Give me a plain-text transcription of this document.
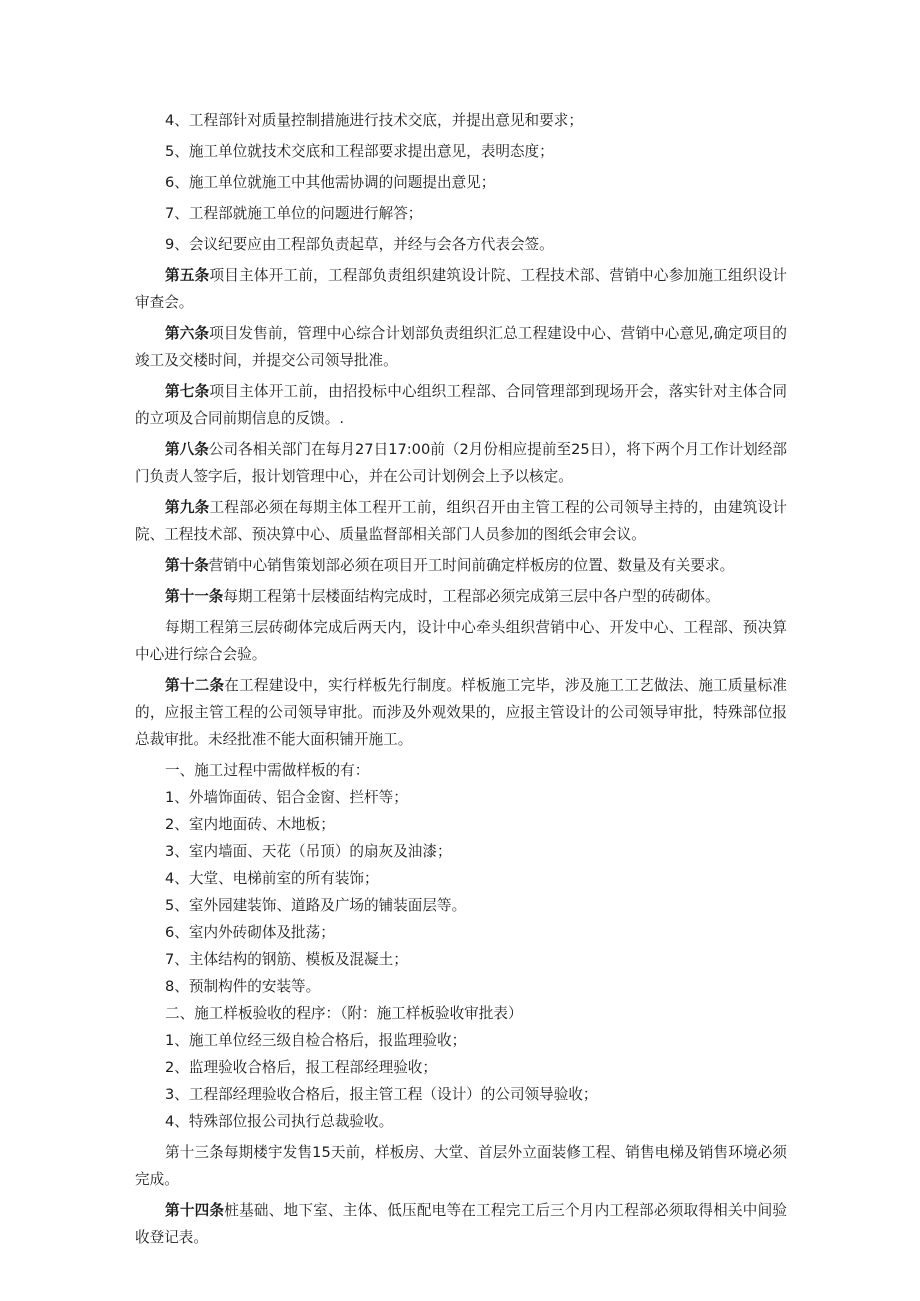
4、工程部针对质量控制措施进行技术交底，并提出意见和要求；

5、施工单位就技术交底和工程部要求提出意见，表明态度；

6、施工单位就施工中其他需协调的问题提出意见；

7、工程部就施工单位的问题进行解答；

9、会议纪要应由工程部负责起草，并经与会各方代表会签。

第五条项目主体开工前，工程部负责组织建筑设计院、工程技术部、营销中心参加施工组织设计审查会。

第六条项目发售前，管理中心综合计划部负责组织汇总工程建设中心、营销中心意见,确定项目的竣工及交楼时间，并提交公司领导批准。

第七条项目主体开工前，由招投标中心组织工程部、合同管理部到现场开会，落实针对主体合同的立项及合同前期信息的反馈。.

第八条公司各相关部门在每月27日17:00前（2月份相应提前至25日），将下两个月工作计划经部门负责人签字后，报计划管理中心，并在公司计划例会上予以核定。

第九条工程部必须在每期主体工程开工前，组织召开由主管工程的公司领导主持的，由建筑设计院、工程技术部、预决算中心、质量监督部相关部门人员参加的图纸会审会议。

第十条营销中心销售策划部必须在项目开工时间前确定样板房的位置、数量及有关要求。

第十一条每期工程第十层楼面结构完成时，工程部必须完成第三层中各户型的砖砌体。

每期工程第三层砖砌体完成后两天内，设计中心牵头组织营销中心、开发中心、工程部、预决算中心进行综合会验。

第十二条在工程建设中，实行样板先行制度。样板施工完毕，涉及施工工艺做法、施工质量标准的，应报主管工程的公司领导审批。而涉及外观效果的，应报主管设计的公司领导审批，特殊部位报总裁审批。未经批准不能大面积铺开施工。

一、施工过程中需做样板的有：

1、外墙饰面砖、铝合金窗、拦杆等；

2、室内地面砖、木地板；

3、室内墙面、天花（吊顶）的扇灰及油漆；

4、大堂、电梯前室的所有装饰；

5、室外园建装饰、道路及广场的铺装面层等。

6、室内外砖砌体及批荡；

7、主体结构的钢筋、模板及混凝土；

8、预制构件的安装等。

二、施工样板验收的程序：（附：施工样板验收审批表）

1、施工单位经三级自检合格后，报监理验收；

2、监理验收合格后，报工程部经理验收；

3、工程部经理验收合格后，报主管工程（设计）的公司领导验收；

4、特殊部位报公司执行总裁验收。

第十三条每期楼宇发售15天前，样板房、大堂、首层外立面装修工程、销售电梯及销售环境必须完成。

第十四条桩基础、地下室、主体、低压配电等在工程完工后三个月内工程部必须取得相关中间验收登记表。
